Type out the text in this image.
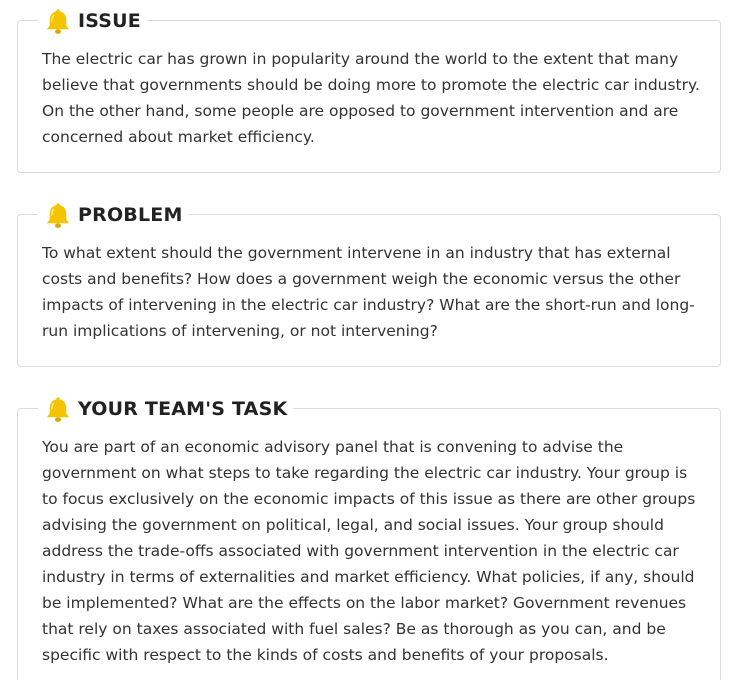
ISSUE
The electric car has grown in popularity around the world to the extent that many believe that governments should be doing more to promote the electric car industry. On the other hand, some people are opposed to government intervention and are concerned about market efficiency.
PROBLEM
To what extent should the government intervene in an industry that has external costs and benefits? How does a government weigh the economic versus the other impacts of intervening in the electric car industry? What are the short-run and long-run implications of intervening, or not intervening?
YOUR TEAM'S TASK
You are part of an economic advisory panel that is convening to advise the government on what steps to take regarding the electric car industry. Your group is to focus exclusively on the economic impacts of this issue as there are other groups advising the government on political, legal, and social issues. Your group should address the trade-offs associated with government intervention in the electric car industry in terms of externalities and market efficiency. What policies, if any, should be implemented? What are the effects on the labor market? Government revenues that rely on taxes associated with fuel sales? Be as thorough as you can, and be specific with respect to the kinds of costs and benefits of your proposals.
